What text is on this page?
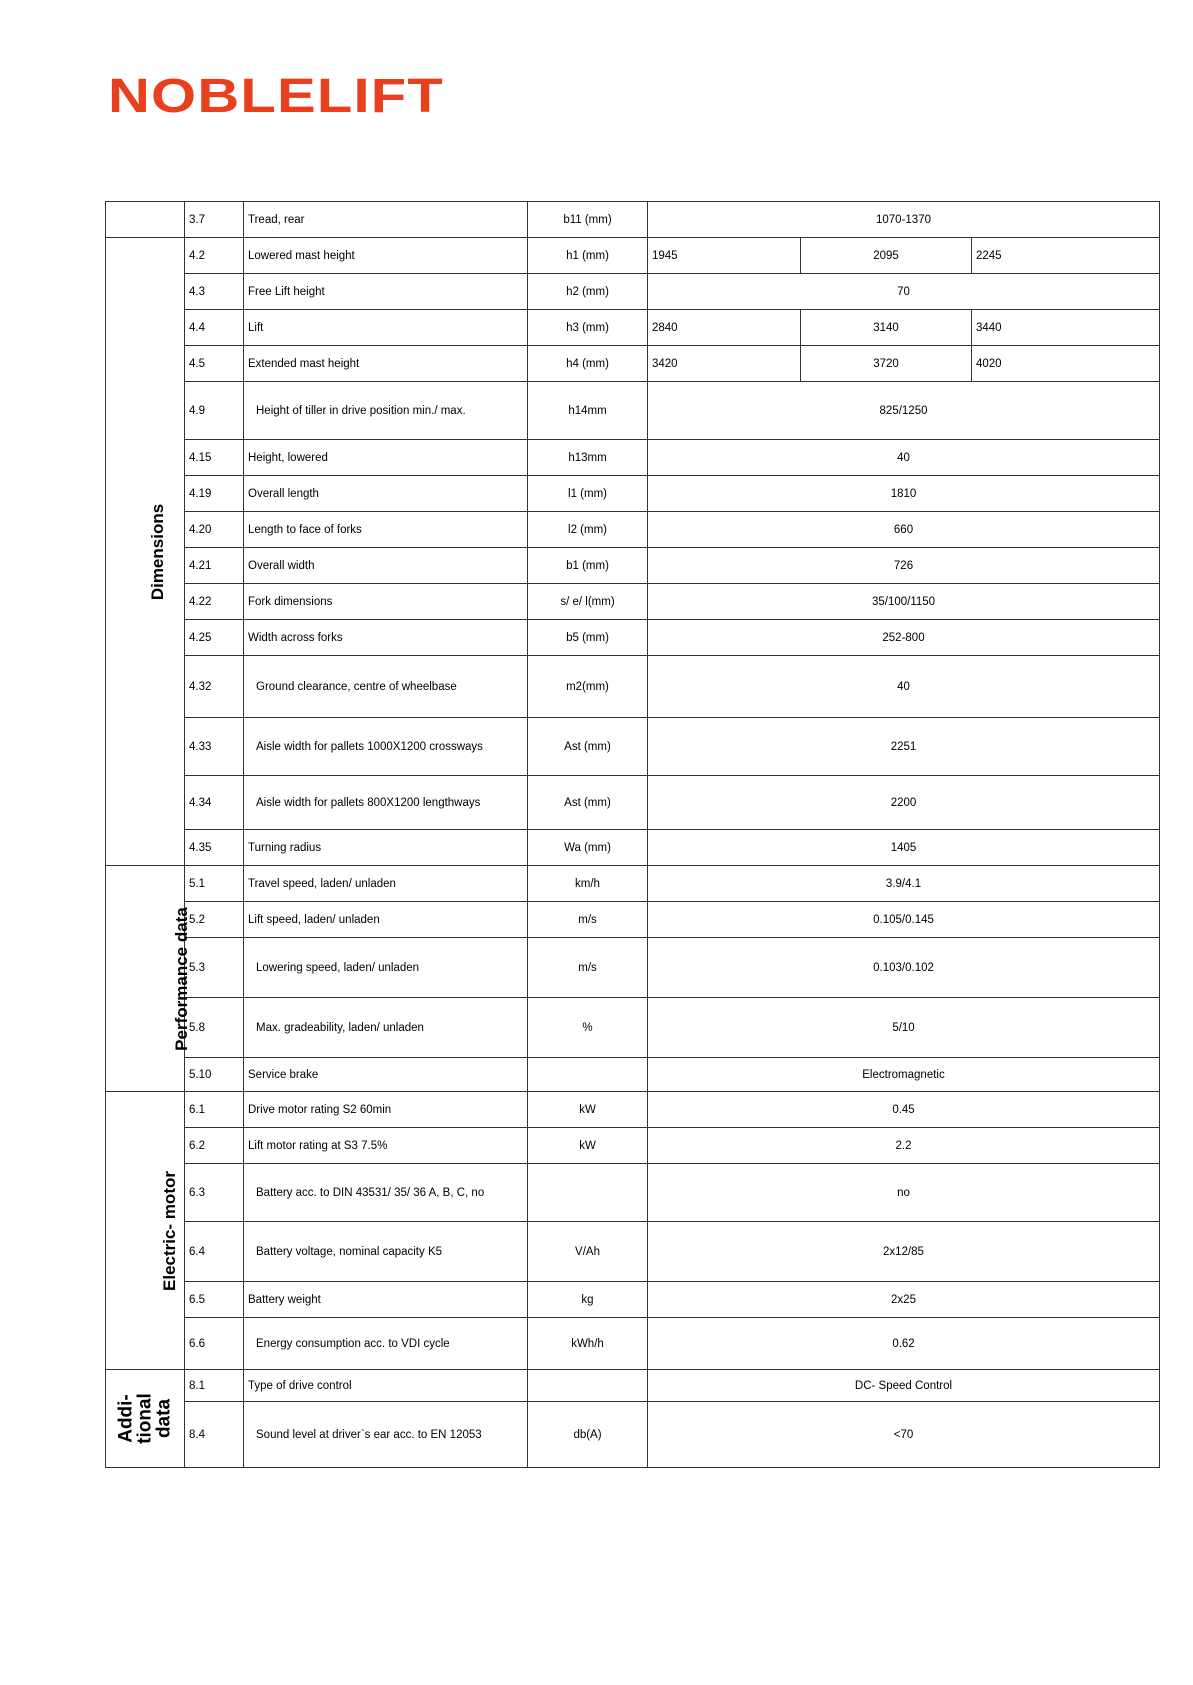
NOBLELIFT
	3.7	Tread, rear	b11 (mm)	1070-1370		
Dimensions	4.2	Lowered mast height	h1 (mm)	1945	2095	2245
	4.3	Free Lift height	h2 (mm)	70		
	4.4	Lift	h3 (mm)	2840	3140	3440
	4.5	Extended mast height	h4 (mm)	3420	3720	4020
	4.9	Height of tiller in drive position min./ max.	h14mm	825/1250		
	4.15	Height, lowered	h13mm	40		
	4.19	Overall length	l1 (mm)	1810		
	4.20	Length to face of forks	l2 (mm)	660		
	4.21	Overall width	b1 (mm)	726		
	4.22	Fork dimensions	s/ e/ l(mm)	35/100/1150		
	4.25	Width across forks	b5 (mm)	252-800		
	4.32	Ground clearance, centre of wheelbase	m2(mm)	40		
	4.33	Aisle width for pallets 1000X1200 crossways	Ast (mm)	2251		
	4.34	Aisle width for pallets 800X1200 lengthways	Ast (mm)	2200		
	4.35	Turning radius	Wa (mm)	1405		
Performance data	5.1	Travel speed, laden/ unladen	km/h	3.9/4.1		
	5.2	Lift speed, laden/ unladen	m/s	0.105/0.145		
	5.3	Lowering speed, laden/ unladen	m/s	0.103/0.102		
	5.8	Max. gradeability, laden/ unladen	%	5/10		
	5.10	Service brake		Electromagnetic		
Electric- motor	6.1	Drive motor rating S2 60min	kW	0.45		
	6.2	Lift motor rating at S3 7.5%	kW	2.2		
	6.3	Battery acc. to DIN 43531/ 35/ 36 A, B, C, no		no		
	6.4	Battery voltage, nominal capacity K5	V/Ah	2x12/85		
	6.5	Battery weight	kg	2x25		
	6.6	Energy consumption acc. to VDI cycle	kWh/h	0.62		
Addi- tional data	8.1	Type of drive control		DC- Speed Control		
	8.4	Sound level at driver`s ear acc. to EN 12053	db(A)	<70		
